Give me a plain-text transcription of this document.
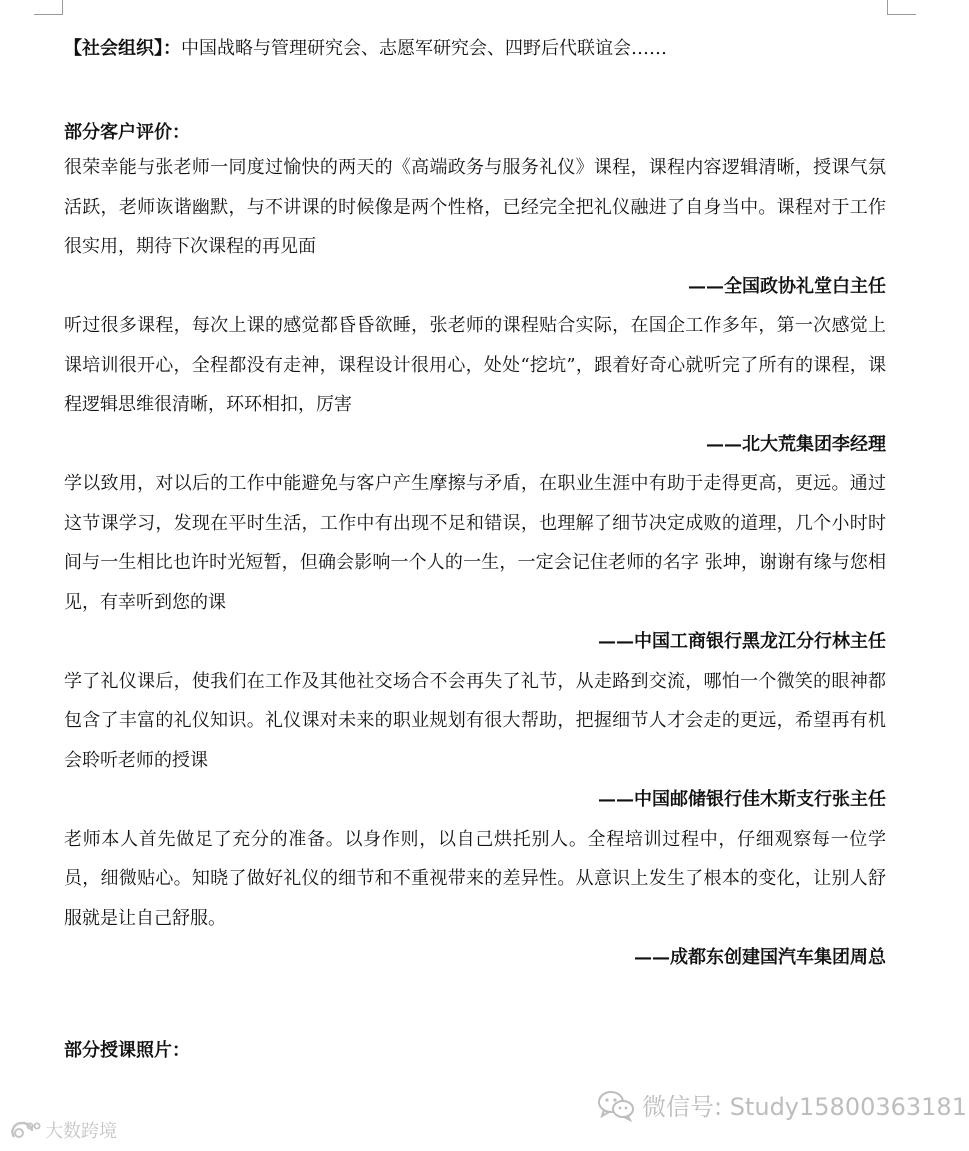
【社会组织】：中国战略与管理研究会、志愿军研究会、四野后代联谊会……

部分客户评价：

很荣幸能与张老师一同度过愉快的两天的《高端政务与服务礼仪》课程，课程内容逻辑清晰，授课气氛活跃，老师诙谐幽默，与不讲课的时候像是两个性格，已经完全把礼仪融进了自身当中。课程对于工作很实用，期待下次课程的再见面

——全国政协礼堂白主任

听过很多课程，每次上课的感觉都昏昏欲睡，张老师的课程贴合实际，在国企工作多年，第一次感觉上课培训很开心，全程都没有走神，课程设计很用心，处处“挖坑”，跟着好奇心就听完了所有的课程，课程逻辑思维很清晰，环环相扣，厉害

——北大荒集团李经理

学以致用，对以后的工作中能避免与客户产生摩擦与矛盾，在职业生涯中有助于走得更高，更远。通过这节课学习，发现在平时生活，工作中有出现不足和错误，也理解了细节决定成败的道理，几个小时时间与一生相比也许时光短暂，但确会影响一个人的一生，一定会记住老师的名字 张坤，谢谢有缘与您相见，有幸听到您的课

——中国工商银行黑龙江分行林主任

学了礼仪课后，使我们在工作及其他社交场合不会再失了礼节，从走路到交流，哪怕一个微笑的眼神都包含了丰富的礼仪知识。礼仪课对未来的职业规划有很大帮助，把握细节人才会走的更远，希望再有机会聆听老师的授课

——中国邮储银行佳木斯支行张主任

老师本人首先做足了充分的准备。以身作则，以自己烘托别人。全程培训过程中，仔细观察每一位学员，细微贴心。知晓了做好礼仪的细节和不重视带来的差异性。从意识上发生了根本的变化，让别人舒服就是让自己舒服。

——成都东创建国汽车集团周总

部分授课照片：

微信号: Study15800363181
大数跨境
